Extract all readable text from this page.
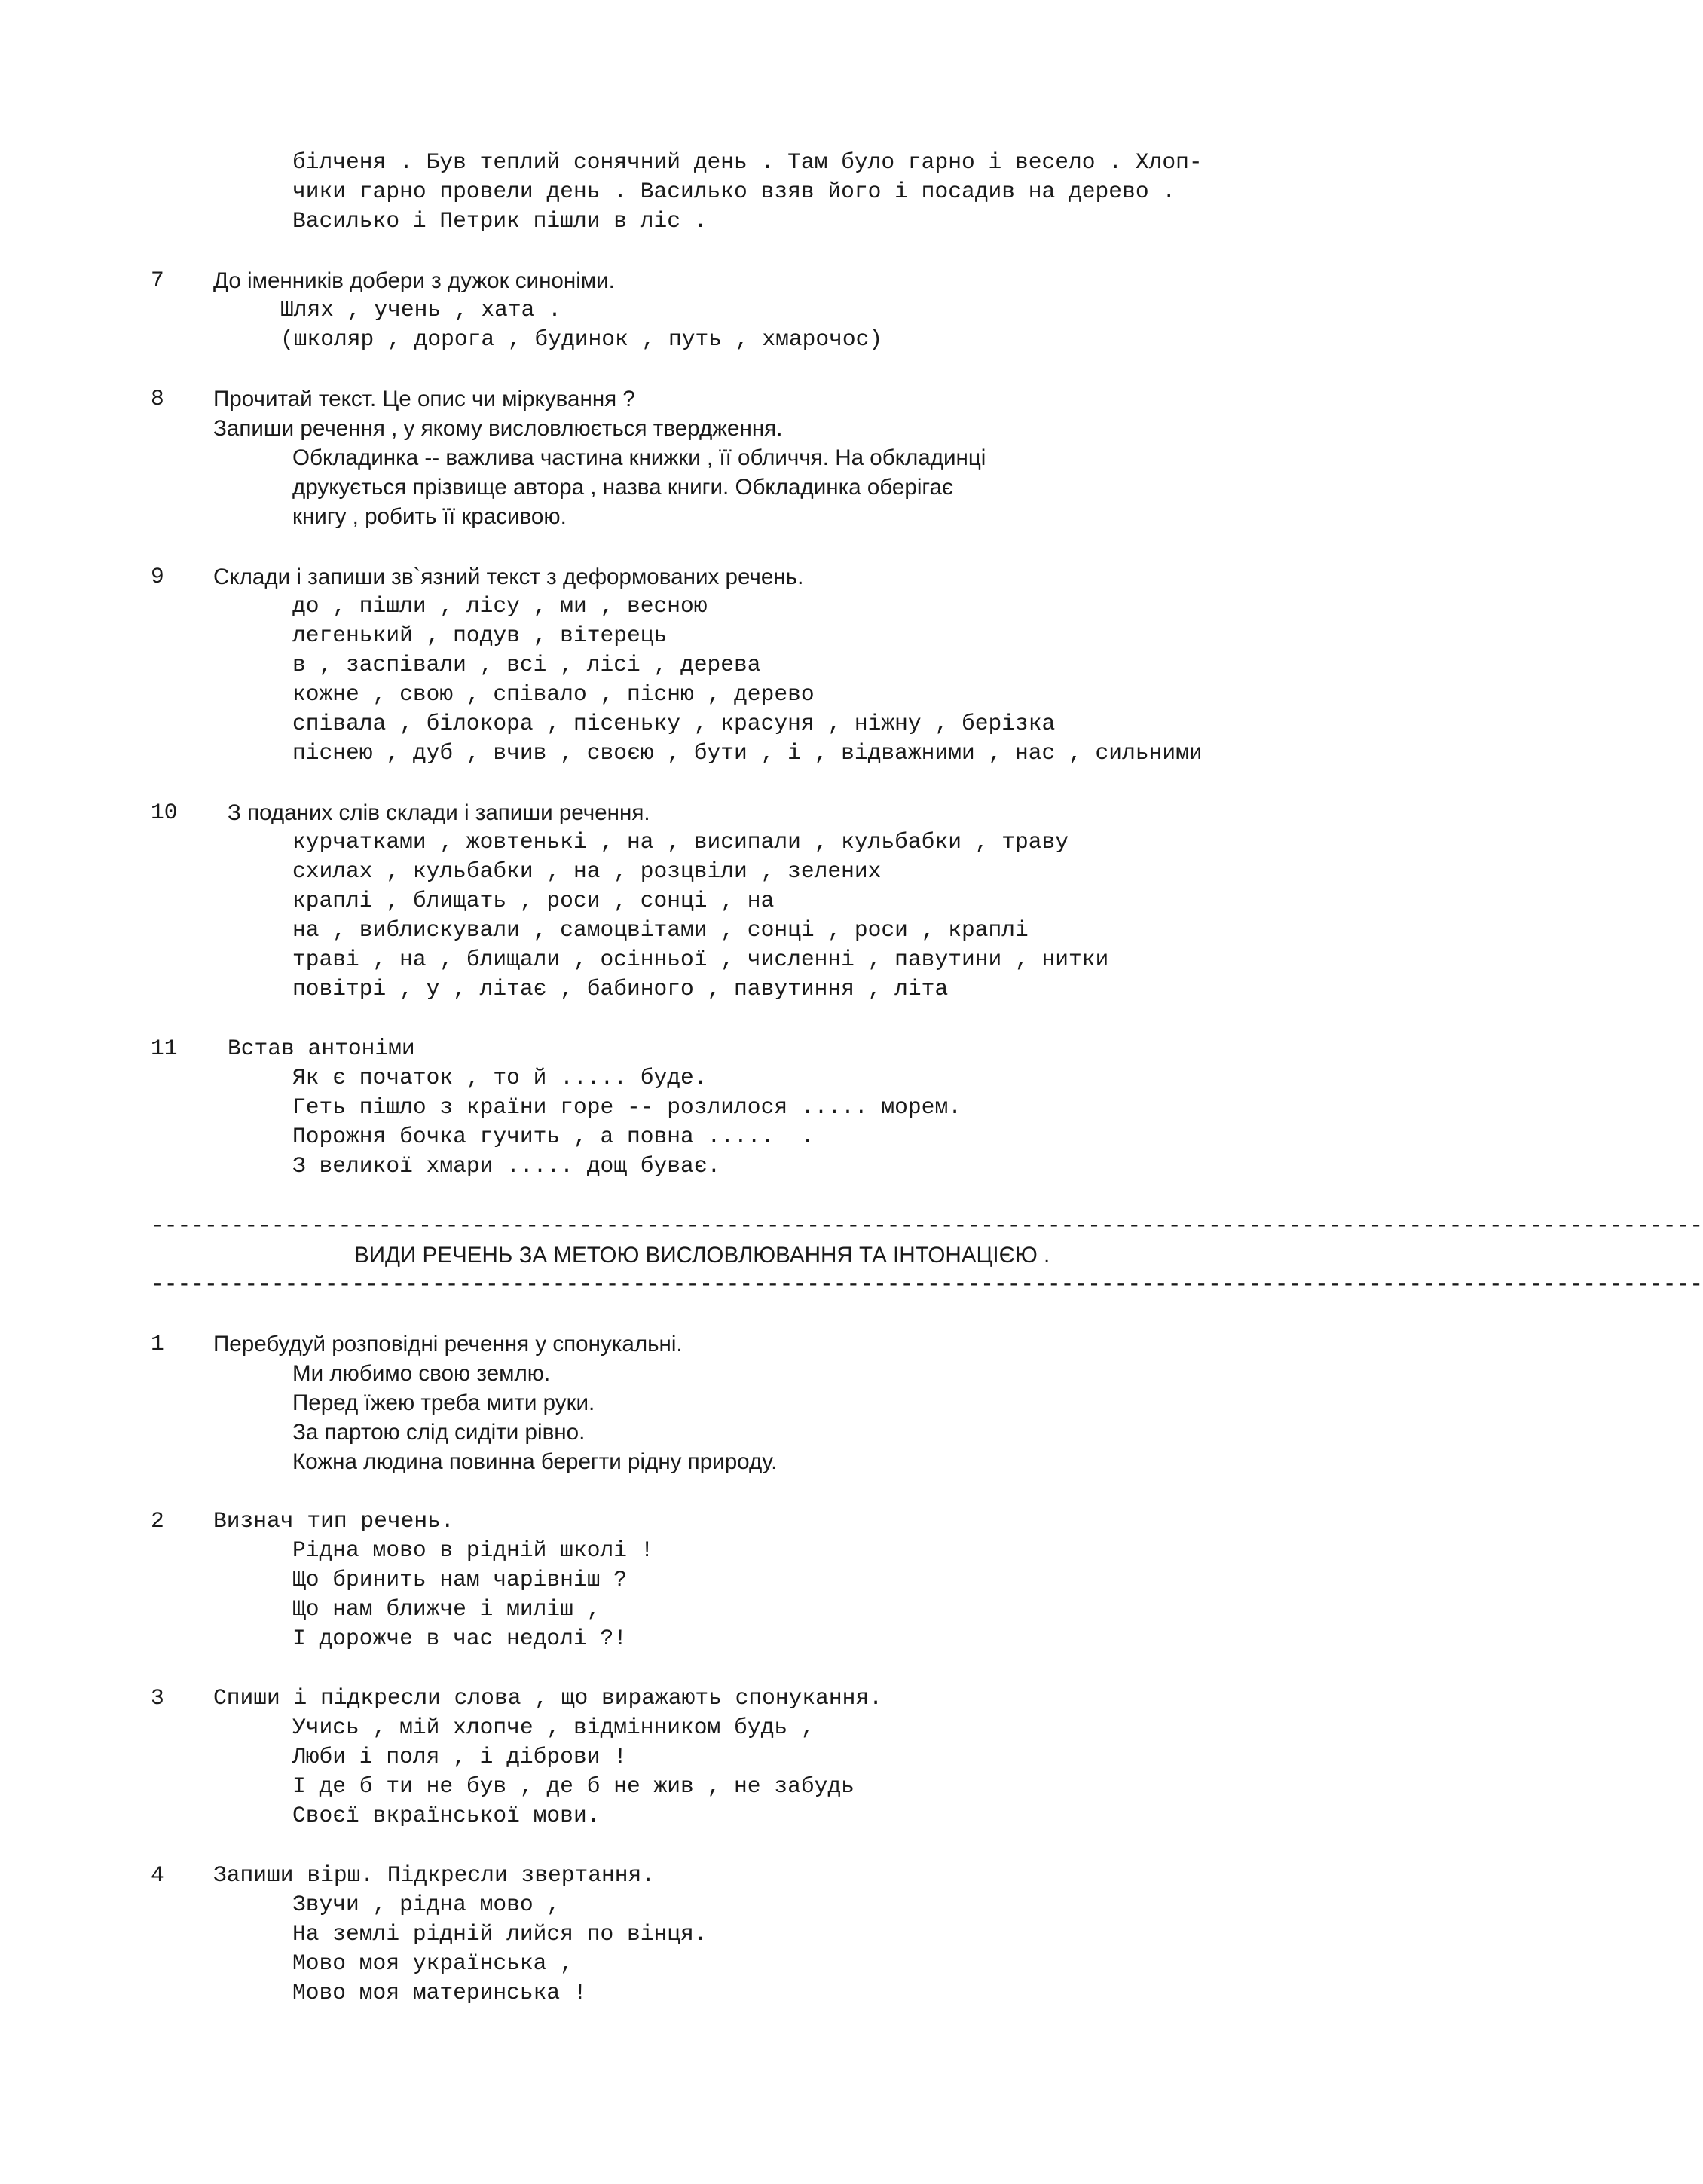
білченя . Був теплий сонячний день . Там було гарно і весело . Хлоп-
чики гарно провели день . Василько взяв його і посадив на дерево .
Василько і Петрик пішли в ліс .
7 До іменників добери з дужок синоніми.
Шлях , учень , хата .
(школяр , дорога , будинок , путь , хмарочос)
8 Прочитай текст. Це опис чи міркування ?
Запиши речення , у якому висловлюється твердження.
Обкладинка -- важлива частина книжки , її обличчя. На обкладинці
друкується прізвище автора , назва книги. Обкладинка оберігає
книгу , робить її красивою.
9 Склади і запиши зв`язний текст з деформованих речень.
до , пішли , лісу , ми , весною
легенький , подув , вітерець
в , заспівали , всі , лісі , дерева
кожне , свою , співало , пісню , дерево
співала , білокора , пісеньку , красуня , ніжну , берізка
піснею , дуб , вчив , своєю , бути , і , відважними , нас , сильними
10 З поданих слів склади і запиши речення.
курчатками , жовтенькі , на , висипали , кульбабки , траву
схилах , кульбабки , на , розцвіли , зелених
краплі , блищать , роси , сонці , на
на , виблискували , самоцвітами , сонці , роси , краплі
траві , на , блищали , осінньої , численні , павутини , нитки
повітрі , у , літає , бабиного , павутиння , літа
11 Встав антоніми
Як є початок , то й ..... буде.
Геть пішло з країни горе -- розлилося ..... морем.
Порожня бочка гучить , а повна .....  .
З великої хмари ..... дощ буває.
--------------------------------------------------------------------------------------------------------------------
ВИДИ РЕЧЕНЬ ЗА МЕТОЮ ВИСЛОВЛЮВАННЯ ТА ІНТОНАЦІЄЮ .
--------------------------------------------------------------------------------------------------------------------
1 Перебудуй розповідні речення у спонукальні.
Ми любимо свою землю.
Перед їжею треба мити руки.
За партою слід сидіти рівно.
Кожна людина повинна берегти рідну природу.
2 Визнач тип речень.
Рідна мово в рідній школі !
Що бринить нам чарівніш ?
Що нам ближче і миліш ,
І дорожче в час недолі ?!
3 Спиши і підкресли слова , що виражають спонукання.
Учись , мій хлопче , відмінником будь ,
Люби і поля , і діброви !
І де б ти не був , де б не жив , не забудь
Своєї вкраїнської мови.
4 Запиши вірш. Підкресли звертання.
Звучи , рідна мово ,
На землі рідній лийся по вінця.
Мово моя українська ,
Мово моя материнська !
